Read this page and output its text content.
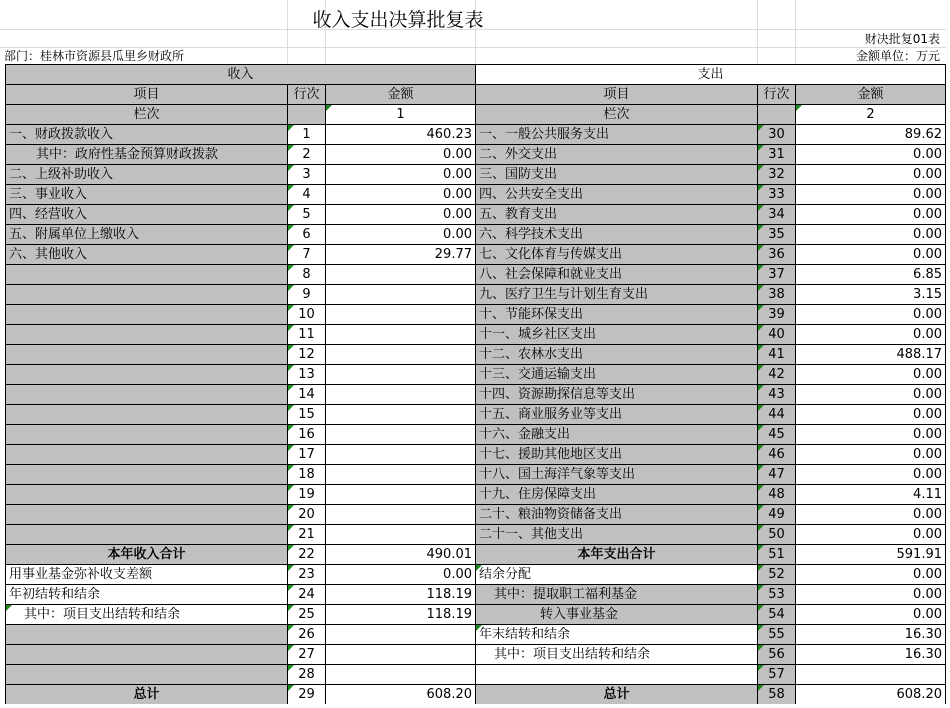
收入支出决算批复表
财决批复01表
部门：桂林市资源县瓜里乡财政所	金额单位：万元
收入			支出		
项目	行次	金额	项目	行次	金额
栏次		1	栏次		2
一、财政拨款收入	1	460.23	一、一般公共服务支出	30	89.62
其中：政府性基金预算财政拨款	2	0.00	二、外交支出	31	0.00
二、上级补助收入	3	0.00	三、国防支出	32	0.00
三、事业收入	4	0.00	四、公共安全支出	33	0.00
四、经营收入	5	0.00	五、教育支出	34	0.00
五、附属单位上缴收入	6	0.00	六、科学技术支出	35	0.00
六、其他收入	7	29.77	七、文化体育与传媒支出	36	0.00
	8		八、社会保障和就业支出	37	6.85
	9		九、医疗卫生与计划生育支出	38	3.15
	10		十、节能环保支出	39	0.00
	11		十一、城乡社区支出	40	0.00
	12		十二、农林水支出	41	488.17
	13		十三、交通运输支出	42	0.00
	14		十四、资源勘探信息等支出	43	0.00
	15		十五、商业服务业等支出	44	0.00
	16		十六、金融支出	45	0.00
	17		十七、援助其他地区支出	46	0.00
	18		十八、国土海洋气象等支出	47	0.00
	19		十九、住房保障支出	48	4.11
	20		二十、粮油物资储备支出	49	0.00
	21		二十一、其他支出	50	0.00
本年收入合计	22	490.01	本年支出合计	51	591.91
用事业基金弥补收支差额	23	0.00	结余分配	52	0.00
年初结转和结余	24	118.19	其中：提取职工福利基金	53	0.00
其中：项目支出结转和结余	25	118.19	转入事业基金	54	0.00
	26		年末结转和结余	55	16.30
	27		其中：项目支出结转和结余	56	16.30
	28			57	
总计	29	608.20	总计	58	608.20
